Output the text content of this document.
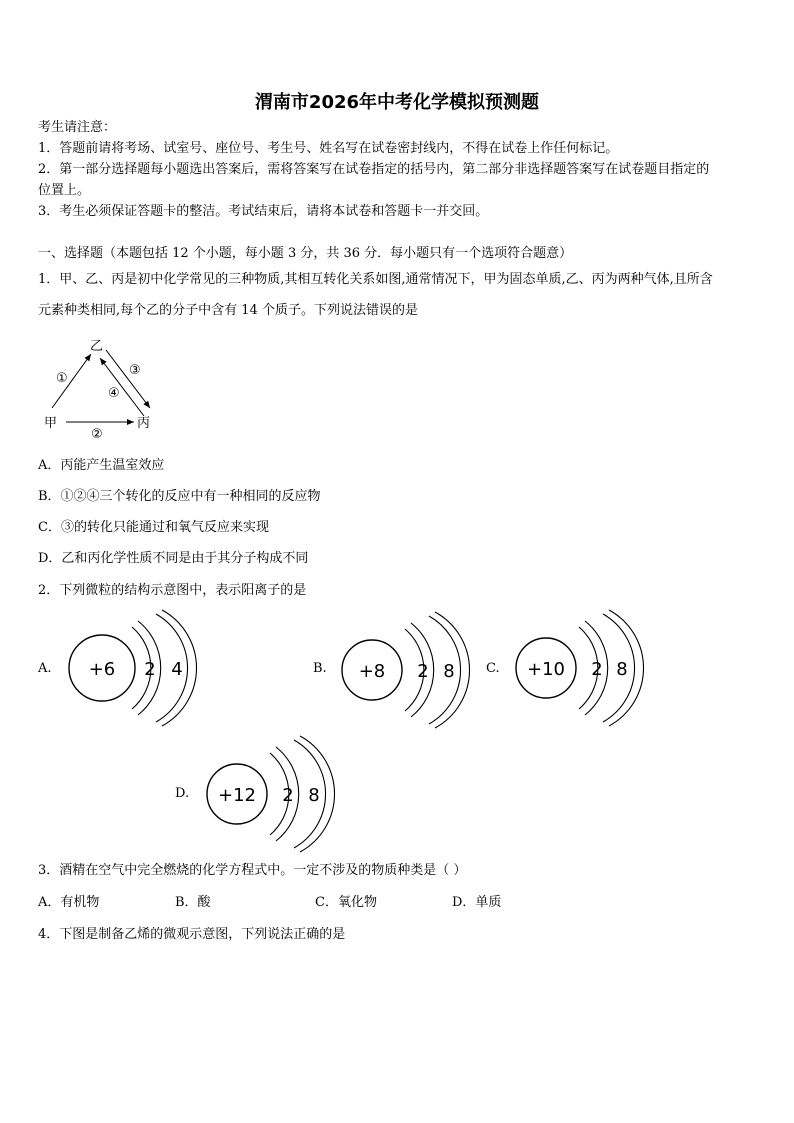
渭南市2026年中考化学模拟预测题
考生请注意：
1．答题前请将考场、试室号、座位号、考生号、姓名写在试卷密封线内，不得在试卷上作任何标记。
2．第一部分选择题每小题选出答案后，需将答案写在试卷指定的括号内，第二部分非选择题答案写在试卷题目指定的
位置上。
3．考生必须保证答题卡的整洁。考试结束后，请将本试卷和答题卡一并交回。
一、选择题（本题包括 12 个小题，每小题 3 分，共 36 分．每小题只有一个选项符合题意）
1．甲、乙、丙是初中化学常见的三种物质,其相互转化关系如图,通常情况下，甲为固态单质,乙、丙为两种气体,且所含
元素种类相同,每个乙的分子中含有 14 个质子。下列说法错误的是
乙
甲	丙
①
②
③
④
A．丙能产生温室效应
B．①②④三个转化的反应中有一种相同的反应物
C．③的转化只能通过和氧气反应来实现
D．乙和丙化学性质不同是由于其分子构成不同
2．下列微粒的结构示意图中，表示阳离子的是
A. +6 2 4	B. +8 2 8 C. +10 2 8
D. +12 2 8
3．酒精在空气中完全燃烧的化学方程式中。一定不涉及的物质种类是（ ）
A．有机物	B．酸	C．氧化物	D．单质
4．下图是制备乙烯的微观示意图，下列说法正确的是
